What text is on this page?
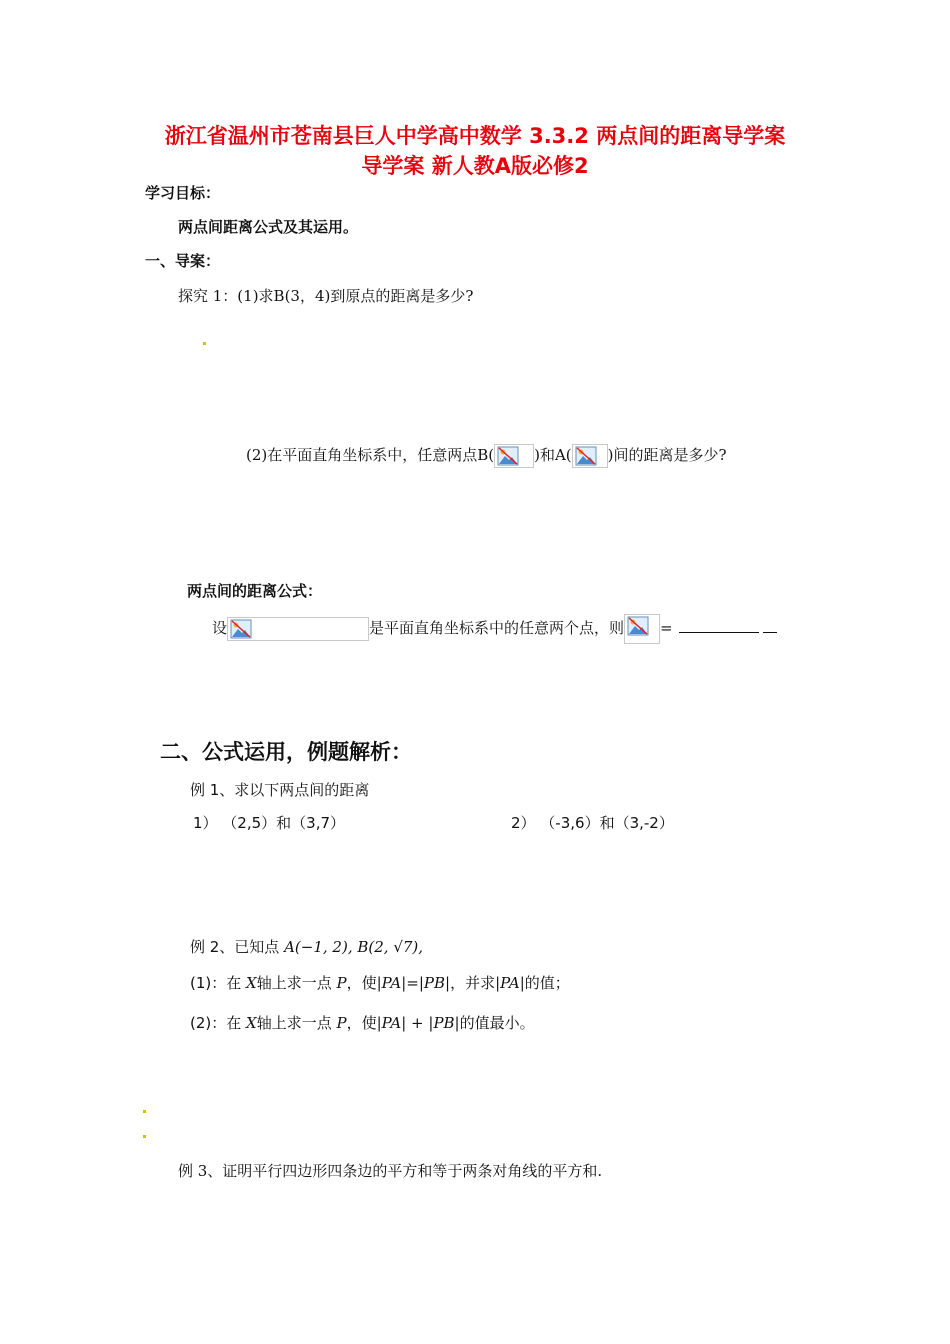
浙江省温州市苍南县巨人中学高中数学 3.3.2 两点间的距离导学案
导学案 新人教A版必修2
学习目标：
两点间距离公式及其运用。
一、导案：
探究 1：(1)求B(3，4)到原点的距离是多少?
(2)在平面直角坐标系中，任意两点B(	)和A( )间的距离是多少?
两点间的距离公式：
设	是平面直角坐标系中的任意两个点，则 =
二、公式运用，例题解析：
例 1、求以下两点间的距离
1） （2,5）和（3,7）	2） （-3,6）和（3,-2）
例 2、已知点 A(−1, 2), B(2, √7),
(1)：在 X轴上求一点 P，使|PA|=|PB|，并求|PA|的值；
(2)：在 X轴上求一点 P，使|PA| + |PB|的值最小。
例 3、证明平行四边形四条边的平方和等于两条对角线的平方和.
